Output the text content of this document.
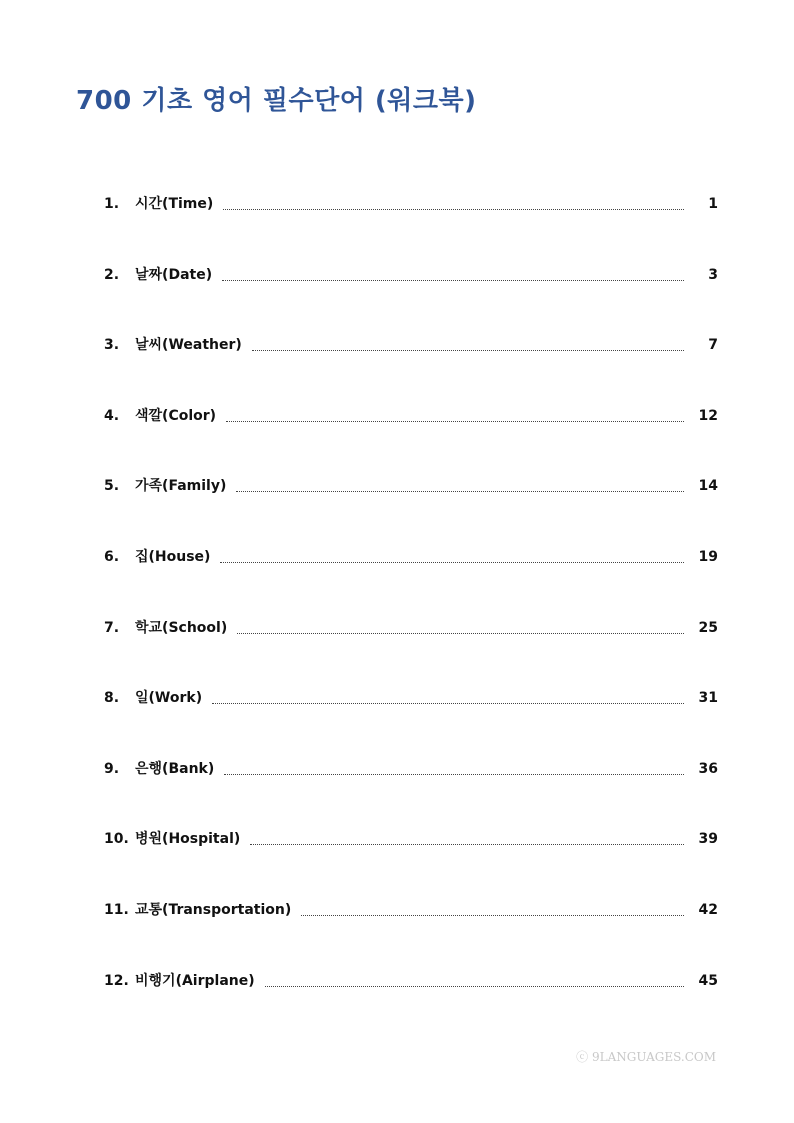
700 기초 영어 필수단어 (워크북)
1.	시간(Time)	1
2.	날짜(Date)	3
3.	날씨(Weather)	7
4.	색깔(Color)	12
5.	가족(Family)	14
6.	집(House)	19
7.	학교(School)	25
8.	일(Work)	31
9.	은행(Bank)	36
10. 병원(Hospital)	39
11. 교통(Transportation)	42
12. 비행기(Airplane)	45
ⓒ 9LANGUAGES.COM
